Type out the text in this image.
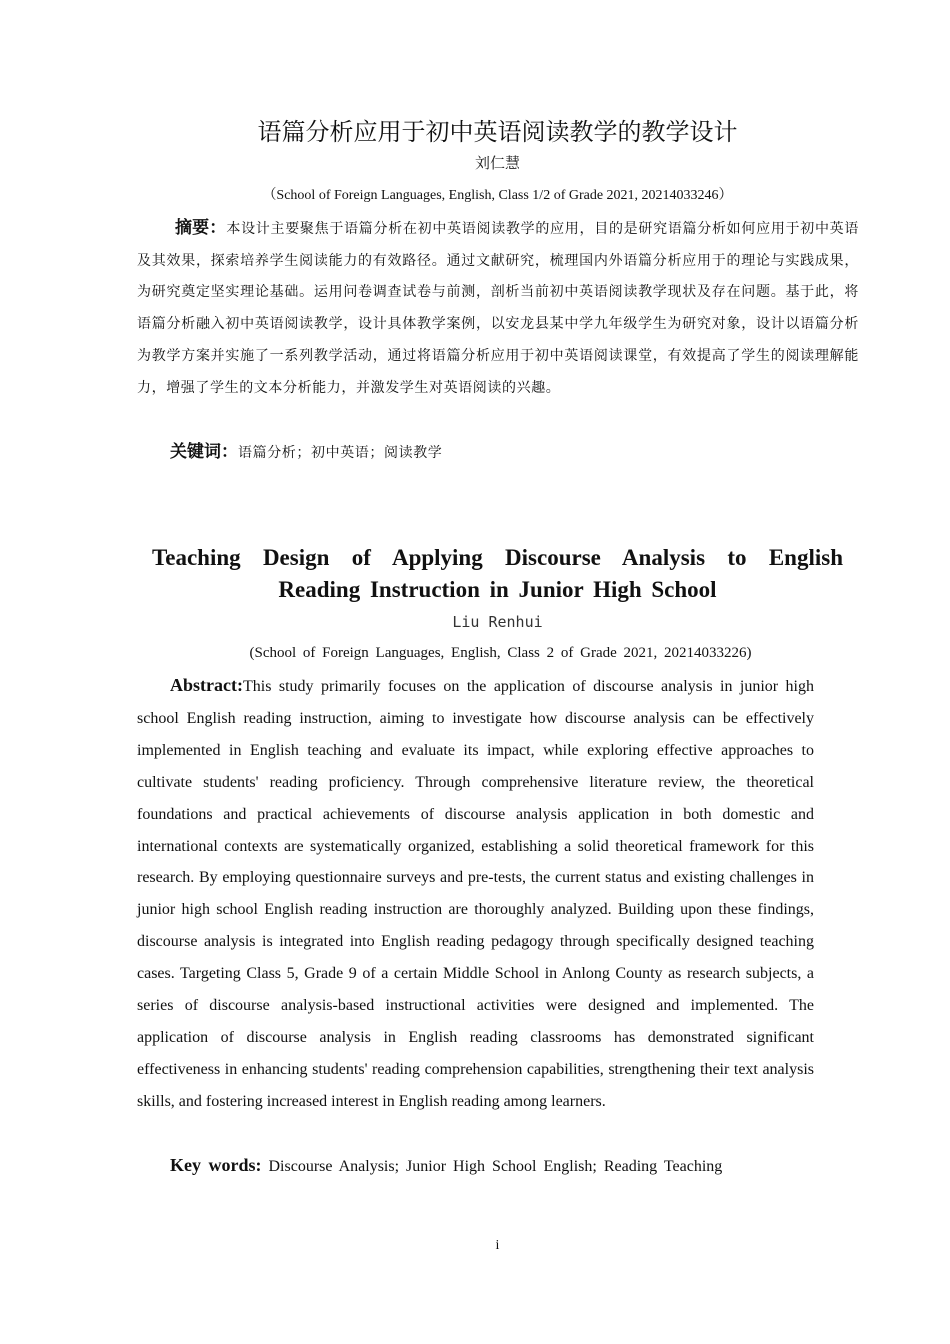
语篇分析应用于初中英语阅读教学的教学设计
刘仁慧
（School of Foreign Languages, English, Class 1/2 of Grade 2021, 20214033246）

摘要：本设计主要聚焦于语篇分析在初中英语阅读教学的应用，目的是研究语篇分析如何应用于初中英语及其效果，探索培养学生阅读能力的有效路径。通过文献研究，梳理国内外语篇分析应用于的理论与实践成果，为研究奠定坚实理论基础。运用问卷调查试卷与前测，剖析当前初中英语阅读教学现状及存在问题。基于此，将语篇分析融入初中英语阅读教学，设计具体教学案例，以安龙县某中学九年级学生为研究对象，设计以语篇分析为教学方案并实施了一系列教学活动，通过将语篇分析应用于初中英语阅读课堂，有效提高了学生的阅读理解能力，增强了学生的文本分析能力，并激发学生对英语阅读的兴趣。

关键词：语篇分析；初中英语；阅读教学

Teaching Design of Applying Discourse Analysis to English Reading Instruction in Junior High School

Liu Renhui
(School of Foreign Languages, English, Class 2 of Grade 2021, 20214033226)

Abstract:This study primarily focuses on the application of discourse analysis in junior high school English reading instruction, aiming to investigate how discourse analysis can be effectively implemented in English teaching and evaluate its impact, while exploring effective approaches to cultivate students' reading proficiency. Through comprehensive literature review, the theoretical foundations and practical achievements of discourse analysis application in both domestic and international contexts are systematically organized, establishing a solid theoretical framework for this research. By employing questionnaire surveys and pre-tests, the current status and existing challenges in junior high school English reading instruction are thoroughly analyzed. Building upon these findings, discourse analysis is integrated into English reading pedagogy through specifically designed teaching cases. Targeting Class 5, Grade 9 of a certain Middle School in Anlong County as research subjects, a series of discourse analysis-based instructional activities were designed and implemented. The application of discourse analysis in English reading classrooms has demonstrated significant effectiveness in enhancing students' reading comprehension capabilities, strengthening their text analysis skills, and fostering increased interest in English reading among learners.

Key words: Discourse Analysis; Junior High School English; Reading Teaching

i
